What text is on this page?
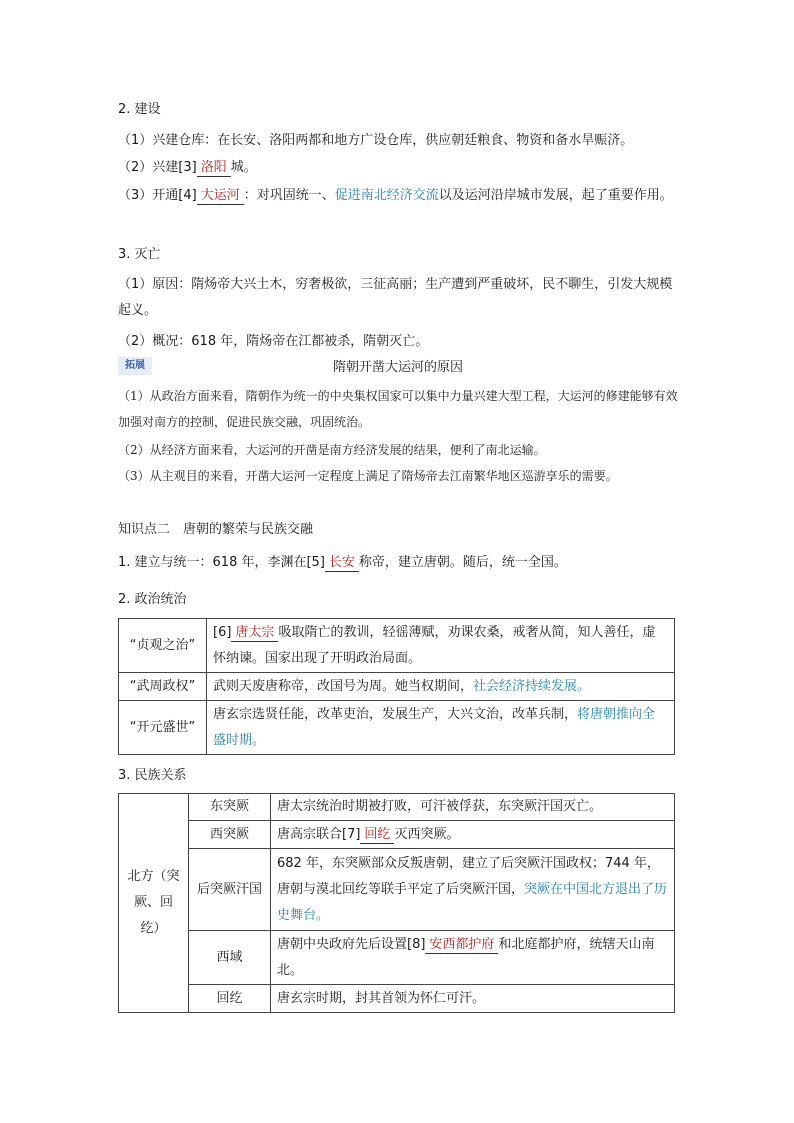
2. 建设
（1）兴建仓库：在长安、洛阳两都和地方广设仓库，供应朝廷粮食、物资和备水旱赈济。
（2）兴建[3] 洛阳 城。
（3）开通[4] 大运河 ：对巩固统一、促进南北经济交流以及运河沿岸城市发展，起了重要作用。
3. 灭亡
（1）原因：隋炀帝大兴土木，穷奢极欲，三征高丽；生产遭到严重破坏，民不聊生，引发大规模起义。
（2）概况：618 年，隋炀帝在江都被杀，隋朝灭亡。
拓展	隋朝开凿大运河的原因
（1）从政治方面来看，隋朝作为统一的中央集权国家可以集中力量兴建大型工程，大运河的修建能够有效加强对南方的控制，促进民族交融，巩固统治。
（2）从经济方面来看，大运河的开凿是南方经济发展的结果，便利了南北运输。
（3）从主观目的来看，开凿大运河一定程度上满足了隋炀帝去江南繁华地区巡游享乐的需要。
知识点二　唐朝的繁荣与民族交融
1. 建立与统一：618 年，李渊在[5] 长安 称帝，建立唐朝。随后，统一全国。
2. 政治统治
“贞观之治”	[6] 唐太宗 吸取隋亡的教训，轻徭薄赋，劝课农桑，戒奢从简，知人善任，虚怀纳谏。国家出现了开明政治局面。
“武周政权”	武则天废唐称帝，改国号为周。她当权期间，社会经济持续发展。
“开元盛世”	唐玄宗选贤任能，改革吏治，发展生产，大兴文治，改革兵制，将唐朝推向全盛时期。
3. 民族关系
北方（突厥、回纥）	东突厥	唐太宗统治时期被打败，可汗被俘获，东突厥汗国灭亡。
	西突厥	唐高宗联合[7] 回纥 灭西突厥。
	后突厥汗国	682 年，东突厥部众反叛唐朝，建立了后突厥汗国政权；744 年，唐朝与漠北回纥等联手平定了后突厥汗国，突厥在中国北方退出了历史舞台。
	西域	唐朝中央政府先后设置[8] 安西都护府 和北庭都护府，统辖天山南北。
	回纥	唐玄宗时期，封其首领为怀仁可汗。
